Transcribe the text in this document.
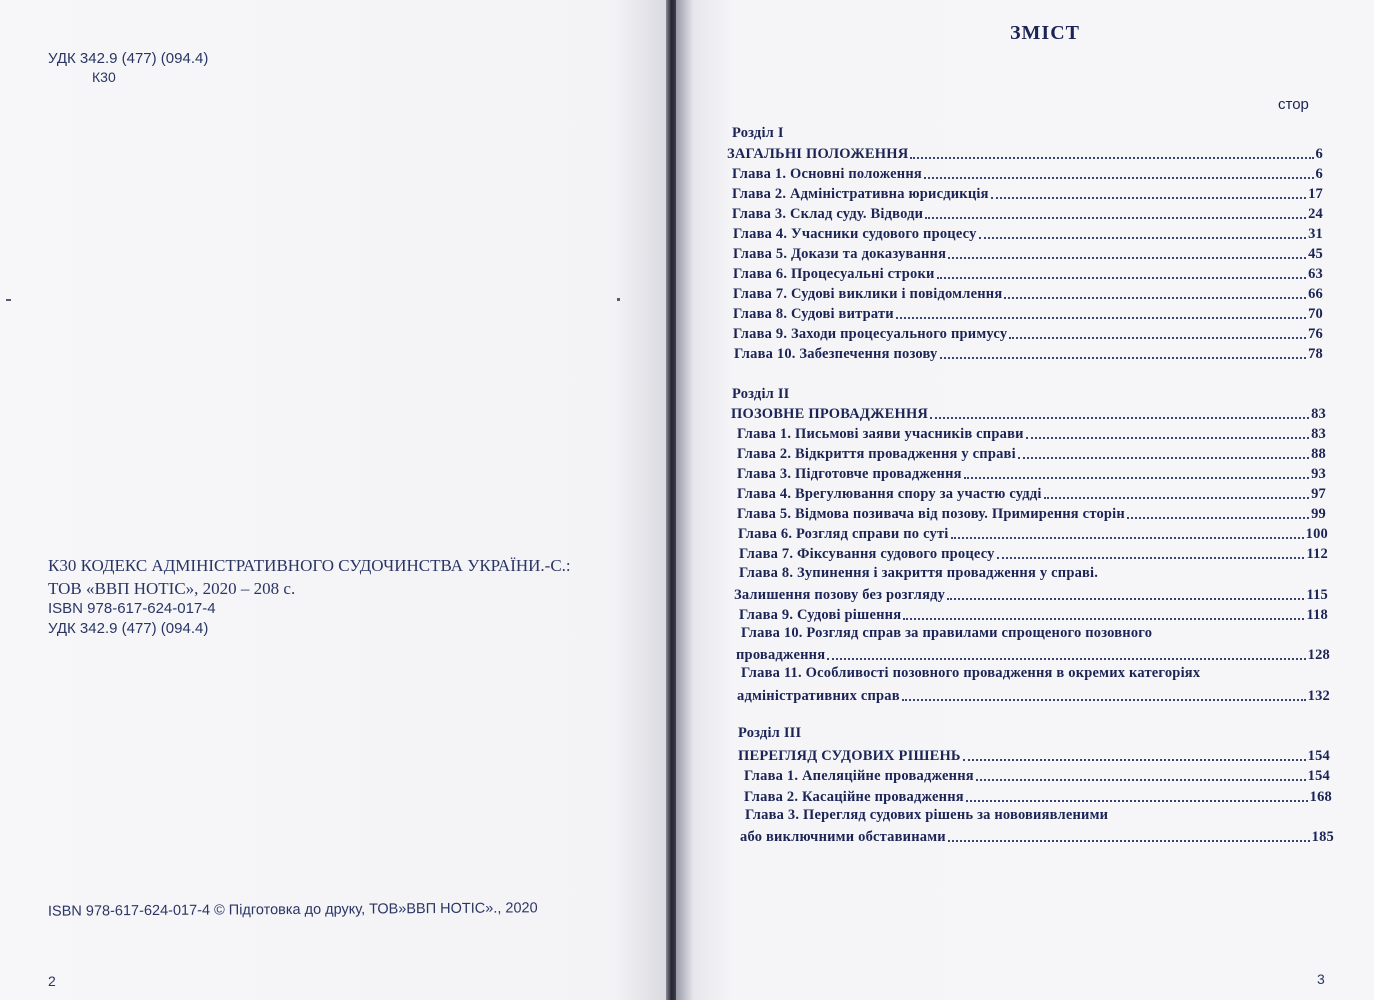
УДК 342.9 (477) (094.4)
К30
К30 КОДЕКС АДМІНІСТРАТИВНОГО СУДОЧИНСТВА УКРАЇНИ.-С.:
ТОВ «ВВП НОТІС», 2020 – 208 с.
ISBN 978-617-624-017-4
УДК 342.9 (477) (094.4)
ISBN 978-617-624-017-4 © Підготовка до друку, ТОВ»ВВП НОТІС»., 2020
2
ЗМІСТ
стор
Розділ I
ЗАГАЛЬНІ ПОЛОЖЕННЯ	6
Глава 1. Основні положення	6
Глава 2. Адміністративна юрисдикція	17
Глава 3. Склад суду. Відводи	24
Глава 4. Учасники судового процесу	31
Глава 5. Докази та доказування	45
Глава 6. Процесуальні строки	63
Глава 7. Судові виклики і повідомлення	66
Глава 8. Судові витрати	70
Глава 9. Заходи процесуального примусу	76
Глава 10. Забезпечення позову	78
Розділ II
ПОЗОВНЕ ПРОВАДЖЕННЯ	83
Глава 1. Письмові заяви учасників справи	83
Глава 2. Відкриття провадження у справі	88
Глава 3. Підготовче провадження	93
Глава 4. Врегулювання спору за участю судді	97
Глава 5. Відмова позивача від позову. Примирення сторін	99
Глава 6. Розгляд справи по суті	100
Глава 7. Фіксування судового процесу	112
Глава 8. Зупинення і закриття провадження у справі.
Залишення позову без розгляду	115
Глава 9. Судові рішення	118
Глава 10. Розгляд справ за правилами спрощеного позовного
провадження	128
Глава 11. Особливості позовного провадження в окремих категоріях
адміністративних справ	132
Розділ III
ПЕРЕГЛЯД СУДОВИХ РІШЕНЬ	154
Глава 1. Апеляційне провадження	154
Глава 2. Касаційне провадження	168
Глава 3. Перегляд судових рішень за нововиявленими
або виключними обставинами	185
3
